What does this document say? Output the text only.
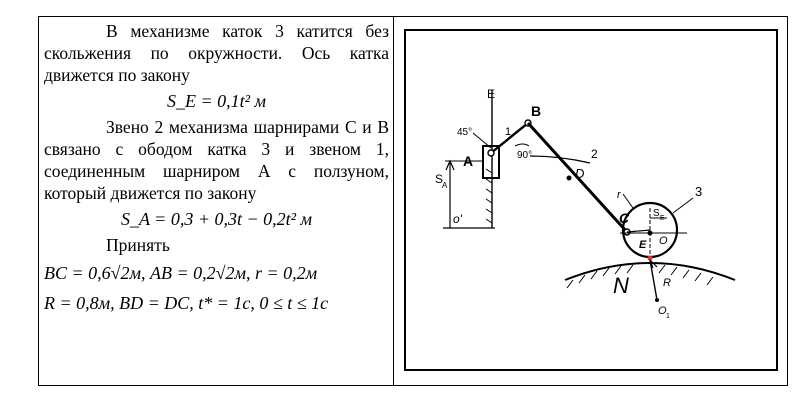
В механизме каток 3 катится без скольжения по окружности. Ось катка движется по закону

S_E = 0,1t² м

Звено 2 механизма шарнирами С и В связано с ободом катка 3 и звеном 1, соединенным шарниром А с ползуном, который движется по закону

S_A = 0,3 + 0,3t − 0,2t² м

Принять

BC = 0,6√2м, AB = 0,2√2м, r = 0,2м

R = 0,8м, BD = DC, t* = 1c, 0 ≤ t ≤ 1c

E
A
S
A
o'
45°	1
B
90°	2
D
C
r
E O
S E
3
N	R
O 1
